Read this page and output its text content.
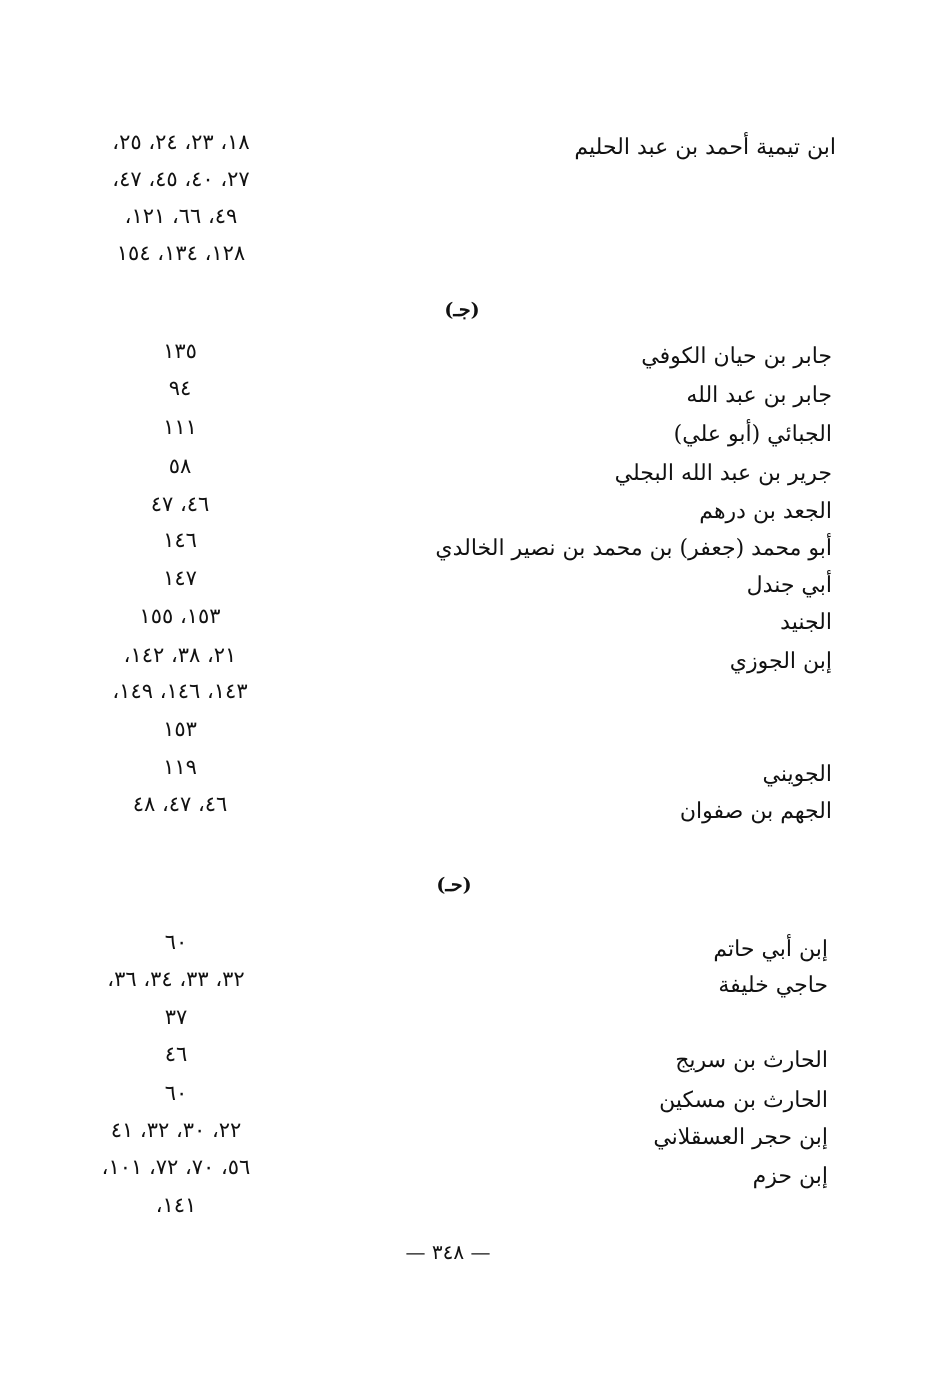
ابن تيمية أحمد بن عبد الحليم
١٨، ٢٣، ٢٤، ٢٥،
٢٧، ٤٠، ٤٥، ٤٧،
٤٩، ٦٦، ١٢١،
١٢٨، ١٣٤، ١٥٤
(جـ)
جابر بن حيان الكوفي
جابر بن عبد الله
الجبائي (أبو علي)
جرير بن عبد الله البجلي
الجعد بن درهم
أبو محمد (جعفر) بن محمد بن نصير الخالدي
أبي جندل
الجنيد
إبن الجوزي
الجويني
الجهم بن صفوان
١٣٥
٩٤
١١١
٥٨
٤٦، ٤٧
١٤٦
١٤٧
١٥٣، ١٥٥
٢١، ٣٨، ١٤٢،
١٤٣، ١٤٦، ١٤٩،
١٥٣
١١٩
٤٦، ٤٧، ٤٨
(حـ)
إبن أبي حاتم
حاجي خليفة
الحارث بن سريج
الحارث بن مسكين
إبن حجر العسقلاني
إبن حزم
٦٠
٣٢، ٣٣، ٣٤، ٣٦،
٣٧
٤٦
٦٠
٢٢، ٣٠، ٣٢، ٤١
٥٦، ٧٠، ٧٢، ١٠١،
١٤١،
— ٣٤٨ —
